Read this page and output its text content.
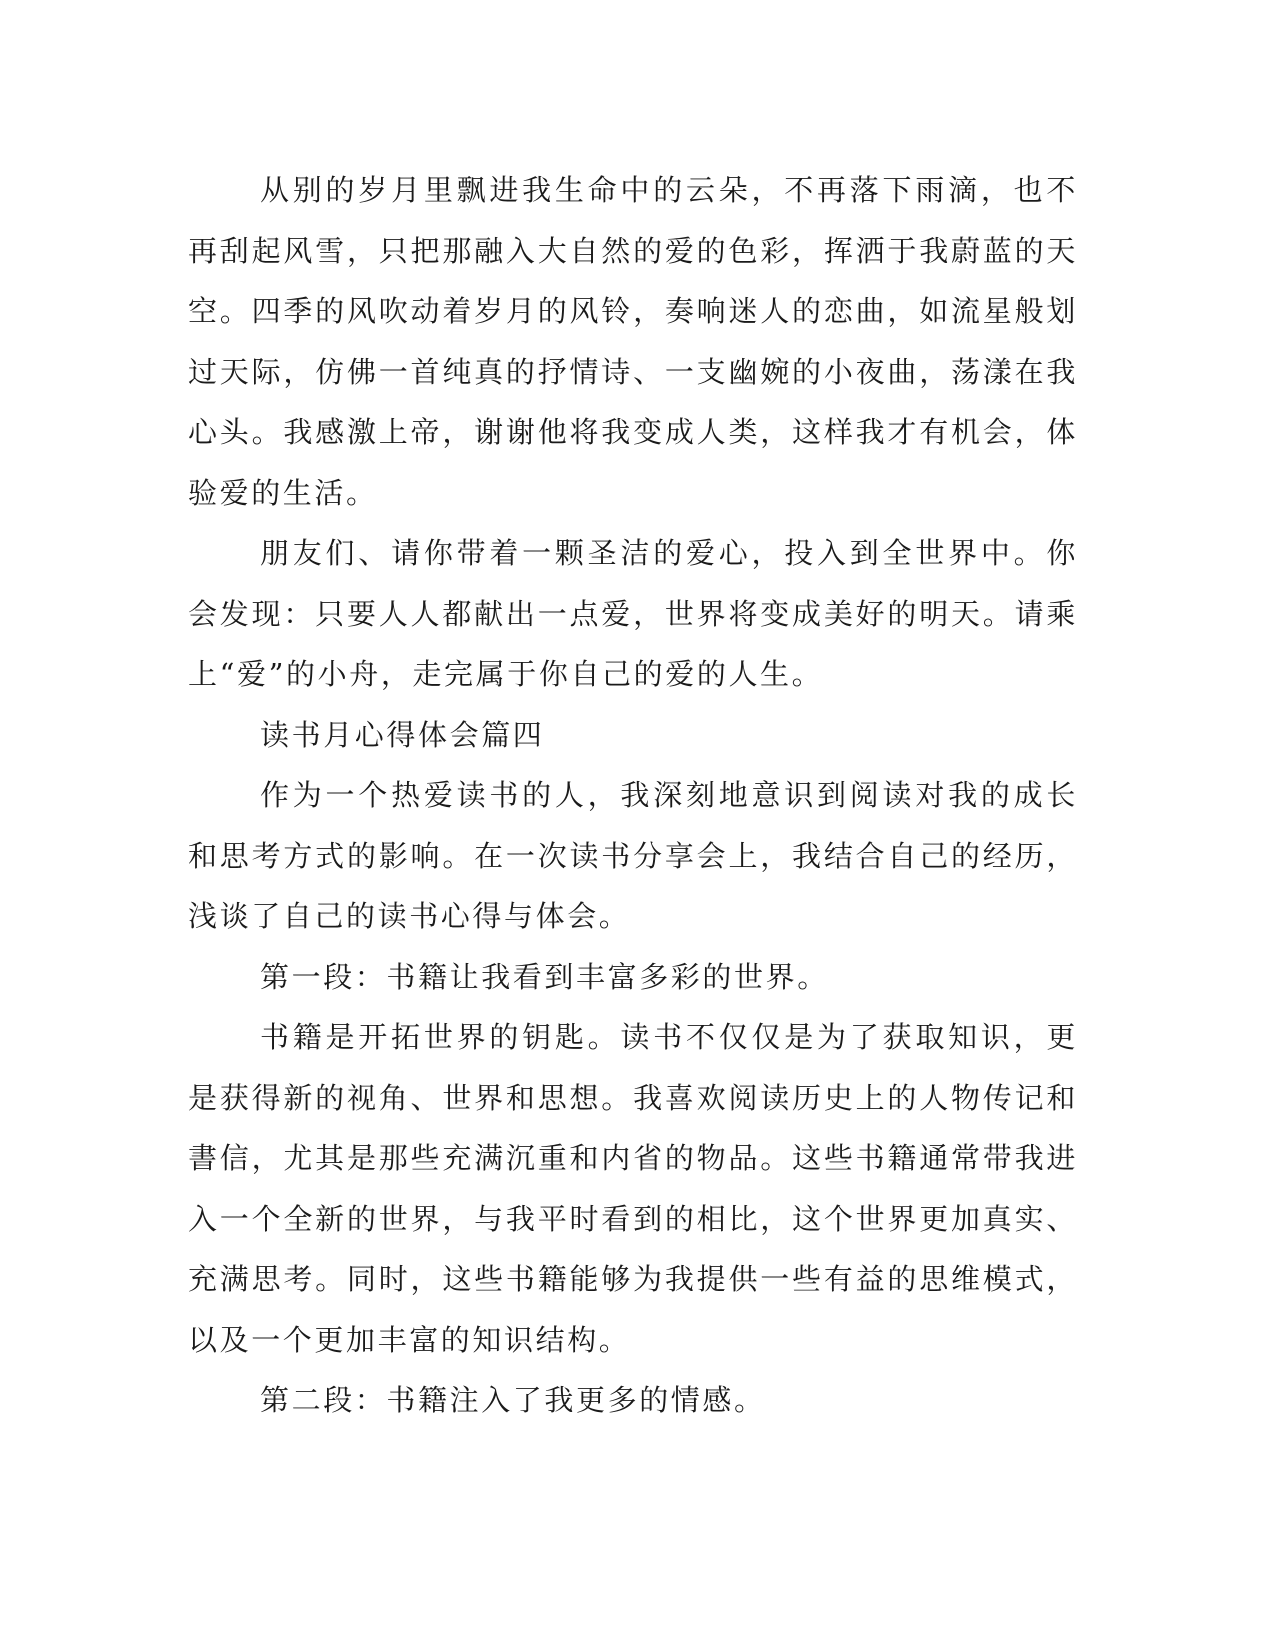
从别的岁月里飘进我生命中的云朵，不再落下雨滴，也不再刮起风雪，只把那融入大自然的爱的色彩，挥洒于我蔚蓝的天空。四季的风吹动着岁月的风铃，奏响迷人的恋曲，如流星般划过天际，仿佛一首纯真的抒情诗、一支幽婉的小夜曲，荡漾在我心头。我感激上帝，谢谢他将我变成人类，这样我才有机会，体验爱的生活。

朋友们、请你带着一颗圣洁的爱心，投入到全世界中。你会发现：只要人人都献出一点爱，世界将变成美好的明天。请乘上“爱”的小舟，走完属于你自己的爱的人生。

读书月心得体会篇四

作为一个热爱读书的人，我深刻地意识到阅读对我的成长和思考方式的影响。在一次读书分享会上，我结合自己的经历，浅谈了自己的读书心得与体会。

第一段：书籍让我看到丰富多彩的世界。

书籍是开拓世界的钥匙。读书不仅仅是为了获取知识，更是获得新的视角、世界和思想。我喜欢阅读历史上的人物传记和書信，尤其是那些充满沉重和内省的物品。这些书籍通常带我进入一个全新的世界，与我平时看到的相比，这个世界更加真实、充满思考。同时，这些书籍能够为我提供一些有益的思维模式，以及一个更加丰富的知识结构。

第二段：书籍注入了我更多的情感。
